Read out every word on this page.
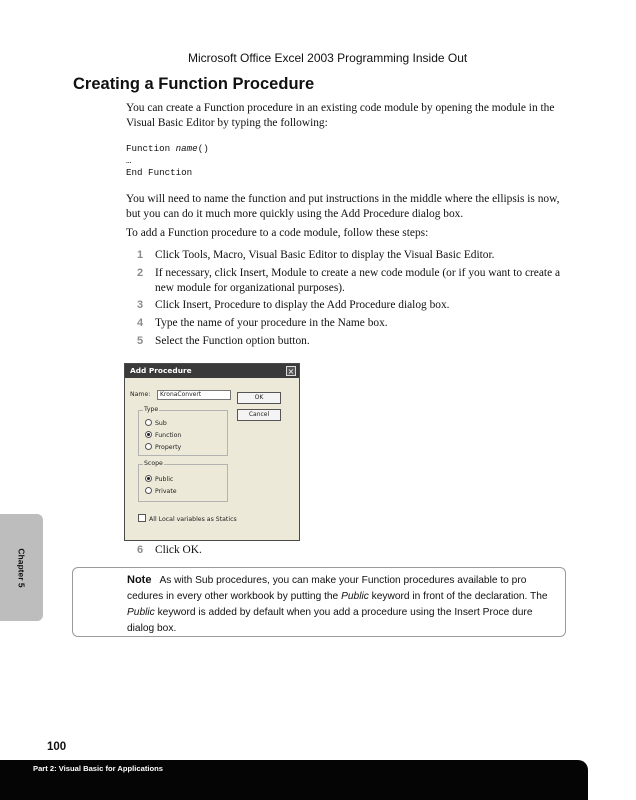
Microsoft Office Excel 2003 Programming Inside Out
Creating a Function Procedure
You can create a Function procedure in an existing code module by opening the module in the Visual Basic Editor by typing the following:
Function name()
…
End Function
You will need to name the function and put instructions in the middle where the ellipsis is now, but you can do it much more quickly using the Add Procedure dialog box.
To add a Function procedure to a code module, follow these steps:
1 Click Tools, Macro, Visual Basic Editor to display the Visual Basic Editor.
2 If necessary, click Insert, Module to create a new code module (or if you want to create a new module for organizational purposes).
3 Click Insert, Procedure to display the Add Procedure dialog box.
4 Type the name of your procedure in the Name box.
5 Select the Function option button.
Add Procedure	×
Name:	KronaConvert	OK
Cancel
Type
Sub
Function
Property
Scope
Public
Private
All Local variables as Statics
6 Click OK.
Note As with Sub procedures, you can make your Function procedures available to pro cedures in every other workbook by putting the Public keyword in front of the declaration. The Public keyword is added by default when you add a procedure using the Insert Proce dure dialog box.
Chapter 5
100
Part 2: Visual Basic for Applications
